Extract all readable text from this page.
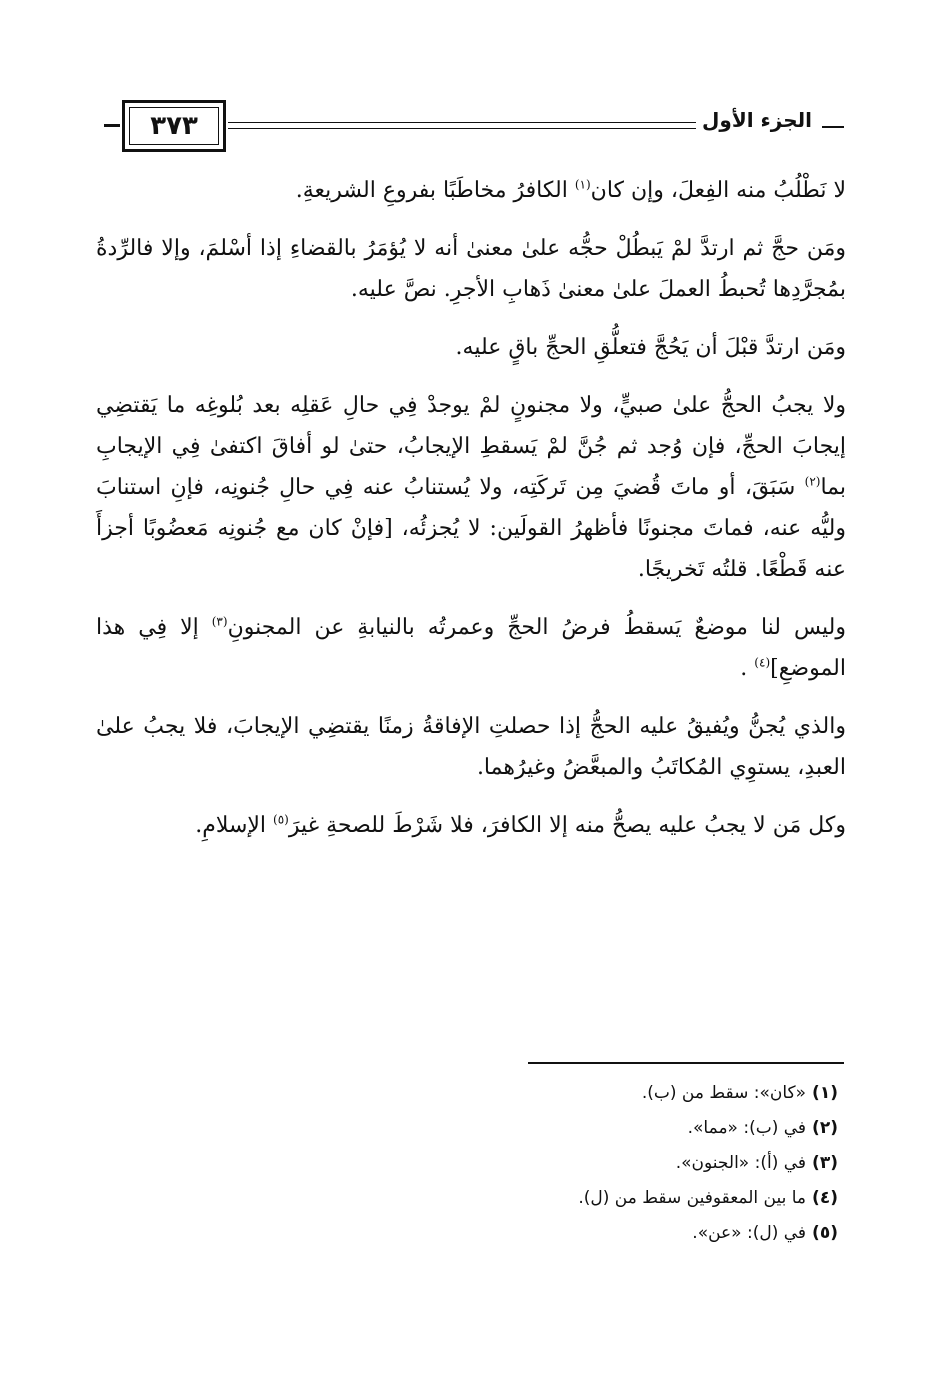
٣٧٣	الجزء الأول

لا نَطْلُبُ منه الفِعلَ، وإن كان$^{(١)}$ الكافرُ مخاطَبًا بفروعِ الشريعةِ.

ومَن حجَّ ثم ارتدَّ لمْ يَبطُلْ حجُّه علىٰ معنىٰ أنه لا يُؤمَرُ بالقضاءِ إذا أسْلمَ، وإلا فالرِّدةُ بمُجرَّدِها تُحبطُ العملَ علىٰ معنىٰ ذَهابِ الأجرِ. نصَّ عليه.

ومَن ارتدَّ قبْلَ أن يَحُجَّ فتعلُّقِ الحجِّ باقٍ عليه.

ولا يجبُ الحجُّ علىٰ صبيٍّ، ولا مجنونٍ لمْ يوجدْ فِي حالِ عَقلِه بعد بُلوغِه ما يَقتضِي إيجابَ الحجِّ، فإن وُجد ثم جُنَّ لمْ يَسقطِ الإيجابُ، حتىٰ لو أفاقَ اكتفىٰ فِي الإيجابِ بما$^{(٢)}$ سَبَقَ، أو ماتَ قُضيَ مِن تَركَتِه، ولا يُستنابُ عنه فِي حالِ جُنونِه، فإنِ استنابَ وليُّه عنه، فماتَ مجنونًا فأظهرُ القولَين: لا يُجزئُه، [فإنْ كان مع جُنونِه مَعضُوبًا أجزأَ عنه قَطْعًا. قلتُه تَخريجًا.

وليس لنا موضعٌ يَسقطُ فرضُ الحجِّ وعمرتُه بالنيابةِ عن المجنونِ$^{(٣)}$ إلا فِي هذا الموضعِ]$^{(٤)}$ .

والذي يُجنُّ ويُفيقُ عليه الحجُّ إذا حصلتِ الإفاقةُ زمنًا يقتضِي الإيجابَ، فلا يجبُ علىٰ العبدِ، يستوِي المُكاتَبُ والمبعَّضُ وغيرُهما.

وكل مَن لا يجبُ عليه يصحُّ منه إلا الكافرَ، فلا شَرْطَ للصحةِ غيرَ$^{(٥)}$ الإسلامِ.

(١)«كان»: سقط من (ب).

(٢)في (ب): «مما».

(٣)في (أ): «الجنون».

(٤)ما بين المعقوفين سقط من (ل).

(٥)في (ل): «عن».
